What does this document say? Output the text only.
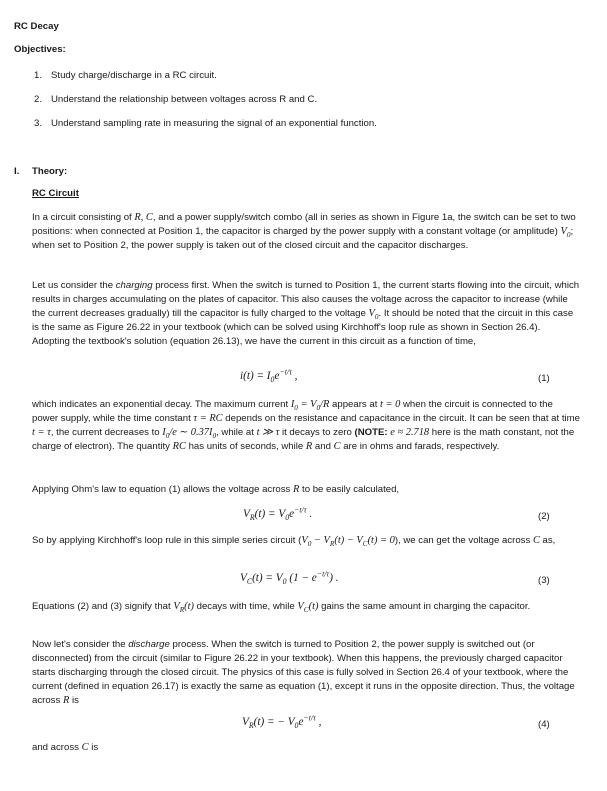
RC Decay
Objectives:
1. Study charge/discharge in a RC circuit.
2. Understand the relationship between voltages across R and C.
3. Understand sampling rate in measuring the signal of an exponential function.
I. Theory:
RC Circuit
In a circuit consisting of R, C, and a power supply/switch combo (all in series as shown in Figure 1a, the switch can be set to two positions: when connected at Position 1, the capacitor is charged by the power supply with a constant voltage (or amplitude) $V_0$; when set to Position 2, the power supply is taken out of the closed circuit and the capacitor discharges.
Let us consider the charging process first. When the switch is turned to Position 1, the current starts flowing into the circuit, which results in charges accumulating on the plates of capacitor. This also causes the voltage across the capacitor to increase (while the current decreases gradually) till the capacitor is fully charged to the voltage $V_0$. It should be noted that the circuit in this case is the same as Figure 26.22 in your textbook (which can be solved using Kirchhoff's loop rule as shown in Section 26.4). Adopting the textbook's solution (equation 26.13), we have the current in this circuit as a function of time,
$i(t) = I_0e^{-t/\tau}$ ,	(1)
which indicates an exponential decay. The maximum current $I_0 = V_0/R$ appears at t = 0 when the circuit is connected to the power supply, while the time constant τ = RC depends on the resistance and capacitance in the circuit. It can be seen that at time t = τ, the current decreases to $I_0/e$ ∼ $0.37I_0$, while at t ≫ τ it decays to zero (NOTE: e ≈ 2.718 here is the math constant, not the charge of electron). The quantity RC has units of seconds, while R and C are in ohms and farads, respectively.
Applying Ohm's law to equation (1) allows the voltage across R to be easily calculated,
$V_R(t) = V_0e^{-t/\tau}$ .	(2)
So by applying Kirchhoff's loop rule in this simple series circuit $(V_0 - V_R(t) - V_C(t) = 0)$, we can get the voltage across C as,
$V_C(t) = V_0$ $(1 - e^{-t/\tau})$ .	(3)
Equations (2) and (3) signify that $V_R(t)$ decays with time, while $V_C(t)$ gains the same amount in charging the capacitor.
Now let's consider the discharge process. When the switch is turned to Position 2, the power supply is switched out (or disconnected) from the circuit (similar to Figure 26.22 in your textbook). When this happens, the previously charged capacitor starts discharging through the closed circuit. The physics of this case is fully solved in Section 26.4 of your textbook, where the current (defined in equation 26.17) is exactly the same as equation (1), except it runs in the opposite direction. Thus, the voltage across R is
$V_R(t)$ = − $V_0e^{-t/\tau}$ ,	(4)
and across C is
